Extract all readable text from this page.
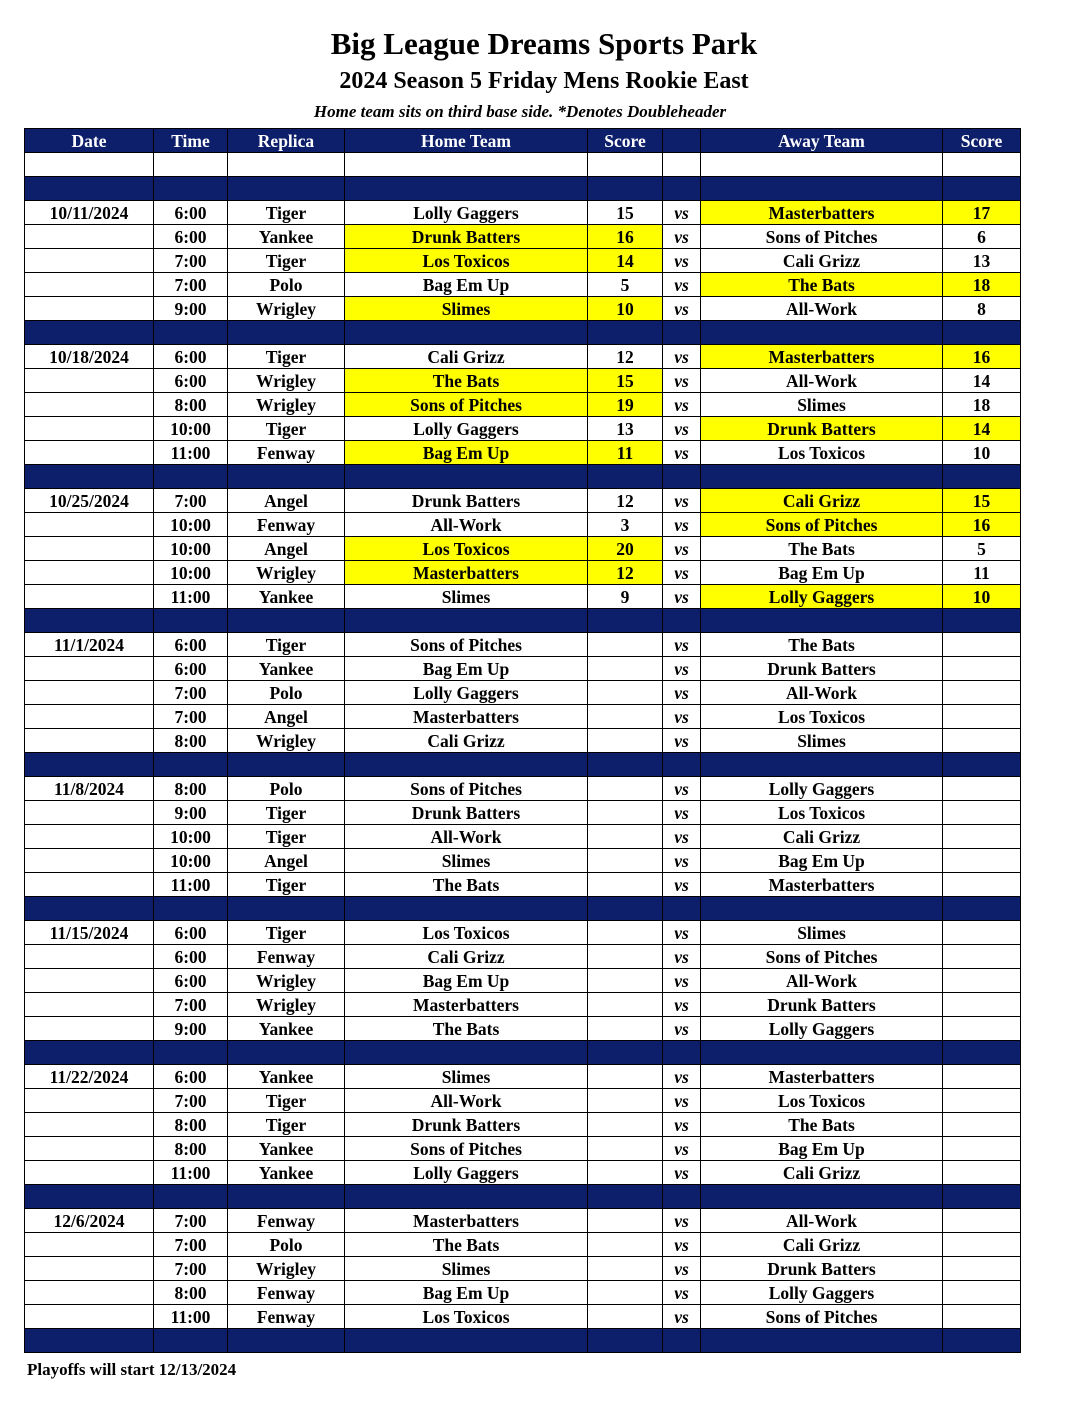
Big League Dreams Sports Park
2024 Season 5 Friday Mens Rookie East
Home team sits on third base side. *Denotes Doubleheader
Date	Time	Replica	Home Team	Score		Away Team	Score

10/11/2024	6:00	Tiger	Lolly Gaggers	15	vs	Masterbatters	17
	6:00	Yankee	Drunk Batters	16	vs	Sons of Pitches	6
	7:00	Tiger	Los Toxicos	14	vs	Cali Grizz	13
	7:00	Polo	Bag Em Up	5	vs	The Bats	18
	9:00	Wrigley	Slimes	10	vs	All-Work	8

10/18/2024	6:00	Tiger	Cali Grizz	12	vs	Masterbatters	16
	6:00	Wrigley	The Bats	15	vs	All-Work	14
	8:00	Wrigley	Sons of Pitches	19	vs	Slimes	18
	10:00	Tiger	Lolly Gaggers	13	vs	Drunk Batters	14
	11:00	Fenway	Bag Em Up	11	vs	Los Toxicos	10

10/25/2024	7:00	Angel	Drunk Batters	12	vs	Cali Grizz	15
	10:00	Fenway	All-Work	3	vs	Sons of Pitches	16
	10:00	Angel	Los Toxicos	20	vs	The Bats	5
	10:00	Wrigley	Masterbatters	12	vs	Bag Em Up	11
	11:00	Yankee	Slimes	9	vs	Lolly Gaggers	10

11/1/2024	6:00	Tiger	Sons of Pitches		vs	The Bats	
	6:00	Yankee	Bag Em Up		vs	Drunk Batters	
	7:00	Polo	Lolly Gaggers		vs	All-Work	
	7:00	Angel	Masterbatters		vs	Los Toxicos	
	8:00	Wrigley	Cali Grizz		vs	Slimes	

11/8/2024	8:00	Polo	Sons of Pitches		vs	Lolly Gaggers	
	9:00	Tiger	Drunk Batters		vs	Los Toxicos	
	10:00	Tiger	All-Work		vs	Cali Grizz	
	10:00	Angel	Slimes		vs	Bag Em Up	
	11:00	Tiger	The Bats		vs	Masterbatters	

11/15/2024	6:00	Tiger	Los Toxicos		vs	Slimes	
	6:00	Fenway	Cali Grizz		vs	Sons of Pitches	
	6:00	Wrigley	Bag Em Up		vs	All-Work	
	7:00	Wrigley	Masterbatters		vs	Drunk Batters	
	9:00	Yankee	The Bats		vs	Lolly Gaggers	

11/22/2024	6:00	Yankee	Slimes		vs	Masterbatters	
	7:00	Tiger	All-Work		vs	Los Toxicos	
	8:00	Tiger	Drunk Batters		vs	The Bats	
	8:00	Yankee	Sons of Pitches		vs	Bag Em Up	
	11:00	Yankee	Lolly Gaggers		vs	Cali Grizz	

12/6/2024	7:00	Fenway	Masterbatters		vs	All-Work	
	7:00	Polo	The Bats		vs	Cali Grizz	
	7:00	Wrigley	Slimes		vs	Drunk Batters	
	8:00	Fenway	Bag Em Up		vs	Lolly Gaggers	
	11:00	Fenway	Los Toxicos		vs	Sons of Pitches	

Playoffs will start 12/13/2024
